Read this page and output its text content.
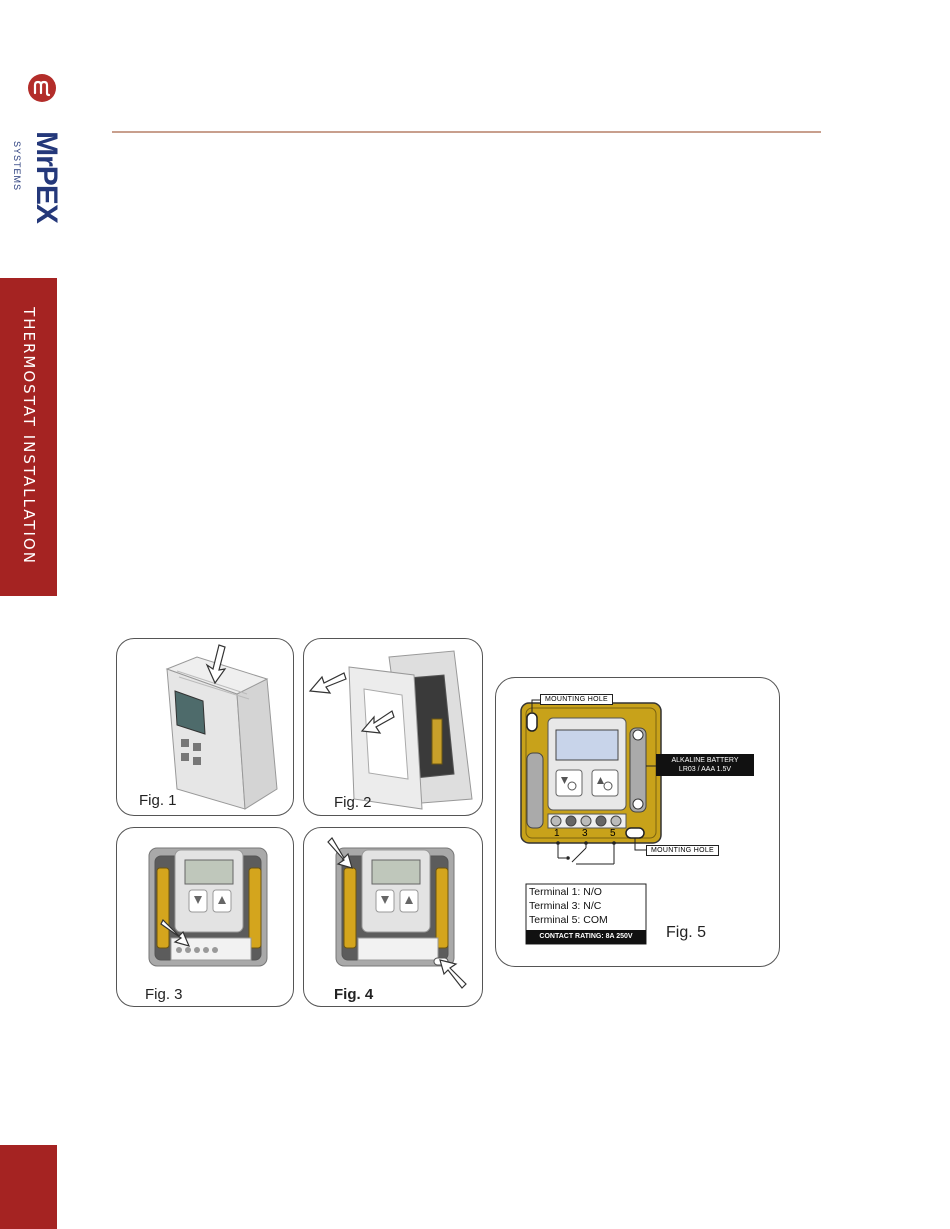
MrPEX
SYSTEMS
THERMOSTAT INSTALLATION
Fig. 1	Fig. 2
Fig. 3	Fig. 4
MOUNTING HOLE
MOUNTING HOLE
ALKALINE BATTERY
LR03 / AAA 1.5V
1 3 5
Terminal 1: N/O
Terminal 3: N/C
Terminal 5: COM
CONTACT RATING: 8A 250V	Fig. 5
